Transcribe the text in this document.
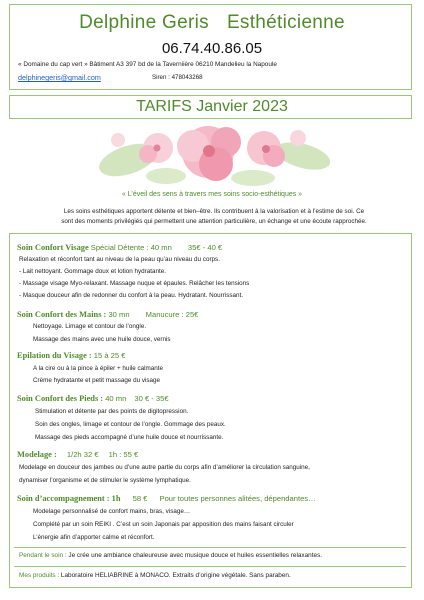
Delphine Geris Esthéticienne
06.74.40.86.05
« Domaine du cap vert » Bâtiment A3 397 bd de la Taverniière 06210 Mandelieu la Napoule
delphinegeris@gmail.com	Siren : 478043268
TARIFS Janvier 2023
« L’éveil des sens à travers mes soins socio-esthétiques »
Les soins esthétiques apportent détente et bien–être. Ils contribuent à la valorisation et à l’estime de soi. Ce
sont des moments privilégiés qui permettent une attention particulière, un échange et une écoute rapprochée.
Soin Confort Visage Spécial Détente : 40 mn 35€ - 40 €
Relaxation et réconfort tant au niveau de la peau qu’au niveau du corps.
- Lait nettoyant. Gommage doux et lotion hydratante.
- Massage visage Myo-relaxant. Massage nuque et épaules. Relâcher les tensions
- Masque douceur afin de redonner du confort à la peau. Hydratant. Nourrissant.
Soin Confort des Mains : 30 mn Manucure : 25€
Nettoyage. Limage et contour de l’ongle.
Massage des mains avec une huile douce, vernis
Epilation du Visage : 15 à 25 €
A la cire ou à la pince à épiler + huile calmante
Crème hydratante et petit massage du visage
Soin Confort des Pieds : 40 mn 30 € - 35€
Stimulation et détente par des points de digitopression.
Soin des ongles, limage et contour de l’ongle. Gommage des peaux.
Massage des pieds accompagné d’une huile douce et nourrissante.
Modelage : 1/2h 32 € 1h : 55 €
Modelage en douceur des jambes ou d’une autre partie du corps afin d’améliorer la circulation sanguine,
dynamiser l’organisme et de stimuler le système lymphatique.
Soin d’accompagnement : 1h 58 € Pour toutes personnes alitées, dépendantes…
Modelage personnalisé de confort mains, bras, visage…
Complété par un soin REIKI . C’est un soin Japonais par apposition des mains faisant circuler
L’énergie afin d’apporter calme et réconfort.
Pendant le soin : Je crée une ambiance chaleureuse avec musique douce et huiles essentielles relaxantes.
Mes produits : Laboratoire HELIABRINE à MONACO. Extraits d’origine végétale. Sans paraben.
